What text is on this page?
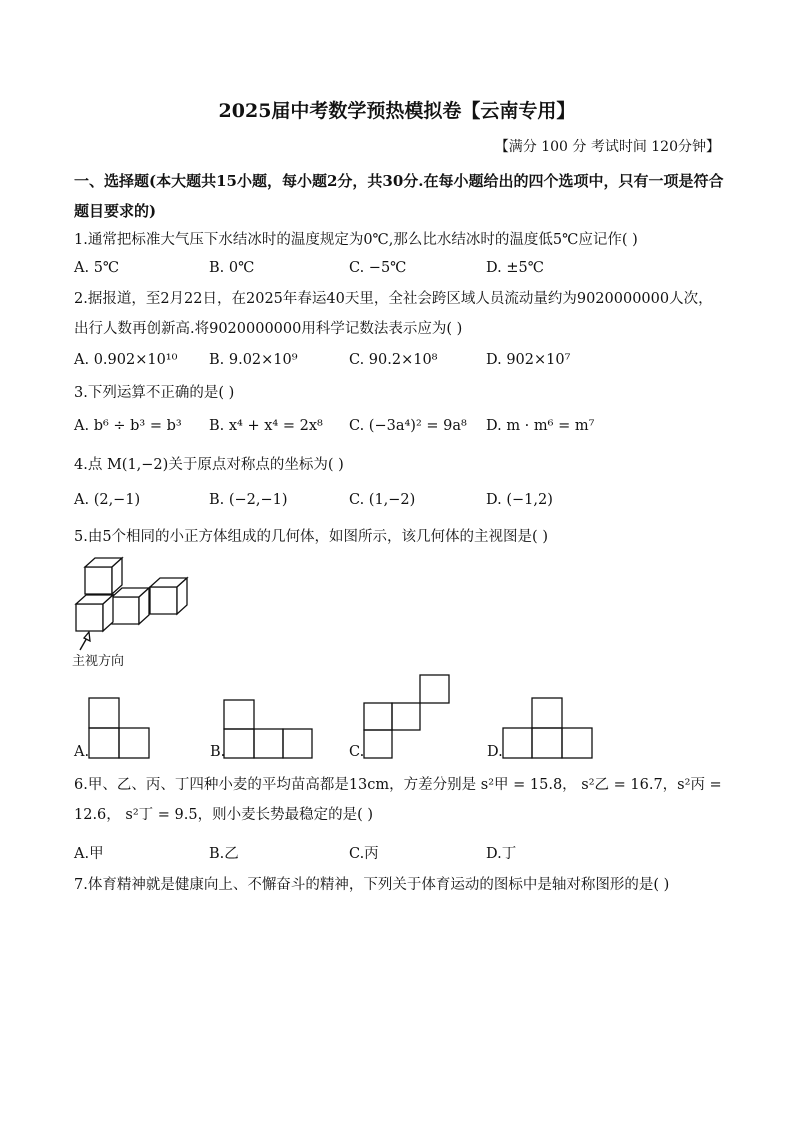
2025届中考数学预热模拟卷【云南专用】
【满分 100 分 考试时间 120分钟】
一、选择题(本大题共15小题，每小题2分，共30分.在每小题给出的四个选项中，只有一项是符合题目要求的)
1.通常把标准大气压下水结冰时的温度规定为0℃,那么比水结冰时的温度低5℃应记作( )
A. 5℃	B. 0℃	C. −5℃	D. ±5℃
2.据报道，至2月22日，在2025年春运40天里，全社会跨区域人员流动量约为9020000000人次，出行人数再创新高.将9020000000用科学记数法表示应为( )
A. 0.902×10¹⁰ B. 9.02×10⁹	C. 90.2×10⁸	D. 902×10⁷
3.下列运算不正确的是( )
A. b⁶ ÷ b³ = b³ B. x⁴ + x⁴ = 2x⁸ C. (−3a⁴)² = 9a⁸ D. m · m⁶ = m⁷
4.点 M(1,−2)关于原点对称点的坐标为( )
A. (2,−1)	B. (−2,−1)	C. (1,−2)	D. (−1,2)
5.由5个相同的小正方体组成的几何体，如图所示，该几何体的主视图是( )
主视方向
A.	B.	C.	D.
6.甲、乙、丙、丁四种小麦的平均苗高都是13cm，方差分别是 s²甲 = 15.8， s²乙 = 16.7，s²丙 = 12.6， s²丁 = 9.5，则小麦长势最稳定的是( )
A.甲	B.乙	C.丙	D.丁
7.体育精神就是健康向上、不懈奋斗的精神，下列关于体育运动的图标中是轴对称图形的是( )
